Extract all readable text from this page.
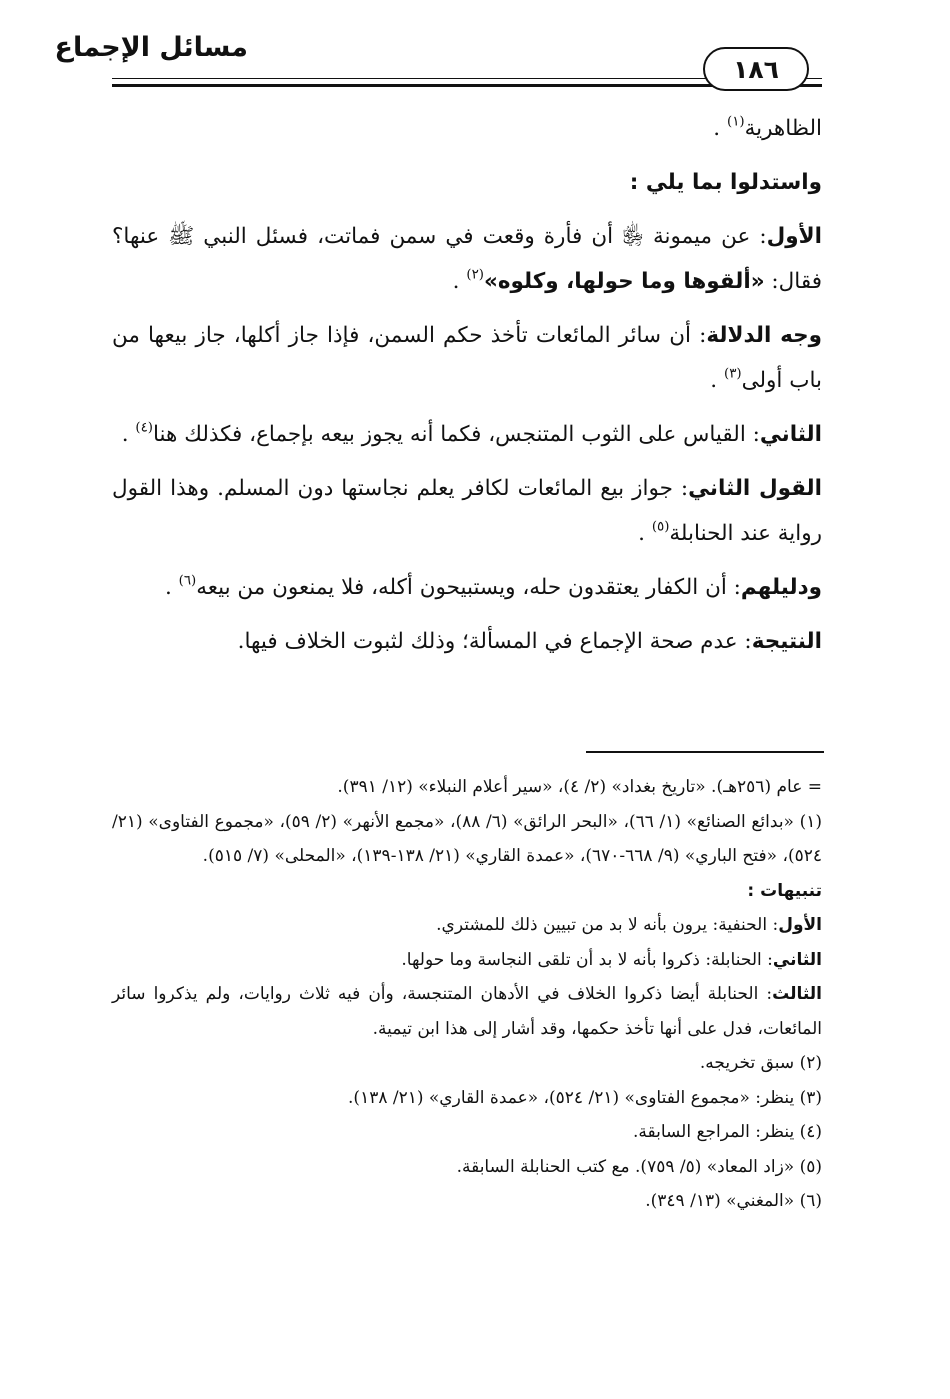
مسائل الإجماع
١٨٦

الظاهرية$^{(١)}$ .

واستدلوا بما يلي :

الأول: عن ميمونة ﵂ أن فأرة وقعت في سمن فماتت، فسئل النبي ﷺ عنها؟ فقال: «ألقوها وما حولها، وكلوه»$^{(٢)}$ .

وجه الدلالة: أن سائر المائعات تأخذ حكم السمن، فإذا جاز أكلها، جاز بيعها من باب أولى$^{(٣)}$ .

الثاني: القياس على الثوب المتنجس، فكما أنه يجوز بيعه بإجماع، فكذلك هنا$^{(٤)}$ .

القول الثاني: جواز بيع المائعات لكافر يعلم نجاستها دون المسلم. وهذا القول رواية عند الحنابلة$^{(٥)}$ .

ودليلهم: أن الكفار يعتقدون حله، ويستبيحون أكله، فلا يمنعون من بيعه$^{(٦)}$ .

النتيجة: عدم صحة الإجماع في المسألة؛ وذلك لثبوت الخلاف فيها.

= عام (٢٥٦هـ). «تاريخ بغداد» (٢/ ٤)، «سير أعلام النبلاء» (١٢/ ٣٩١).

(١) «بدائع الصنائع» (١/ ٦٦)، «البحر الرائق» (٦/ ٨٨)، «مجمع الأنهر» (٢/ ٥٩)، «مجموع الفتاوى» (٢١/ ٥٢٤)، «فتح الباري» (٩/ ٦٦٨-٦٧٠)، «عمدة القاري» (٢١/ ١٣٨-١٣٩)، «المحلى» (٧/ ٥١٥).

تنبيهات :

الأول: الحنفية: يرون بأنه لا بد من تبيين ذلك للمشتري.

الثاني: الحنابلة: ذكروا بأنه لا بد أن تلقى النجاسة وما حولها.

الثالث: الحنابلة أيضا ذكروا الخلاف في الأدهان المتنجسة، وأن فيه ثلاث روايات، ولم يذكروا سائر المائعات، فدل على أنها تأخذ حكمها، وقد أشار إلى هذا ابن تيمية.

(٢) سبق تخريجه.

(٣) ينظر: «مجموع الفتاوى» (٢١/ ٥٢٤)، «عمدة القاري» (٢١/ ١٣٨).

(٤) ينظر: المراجع السابقة.

(٥) «زاد المعاد» (٥/ ٧٥٩). مع كتب الحنابلة السابقة.

(٦) «المغني» (١٣/ ٣٤٩).
